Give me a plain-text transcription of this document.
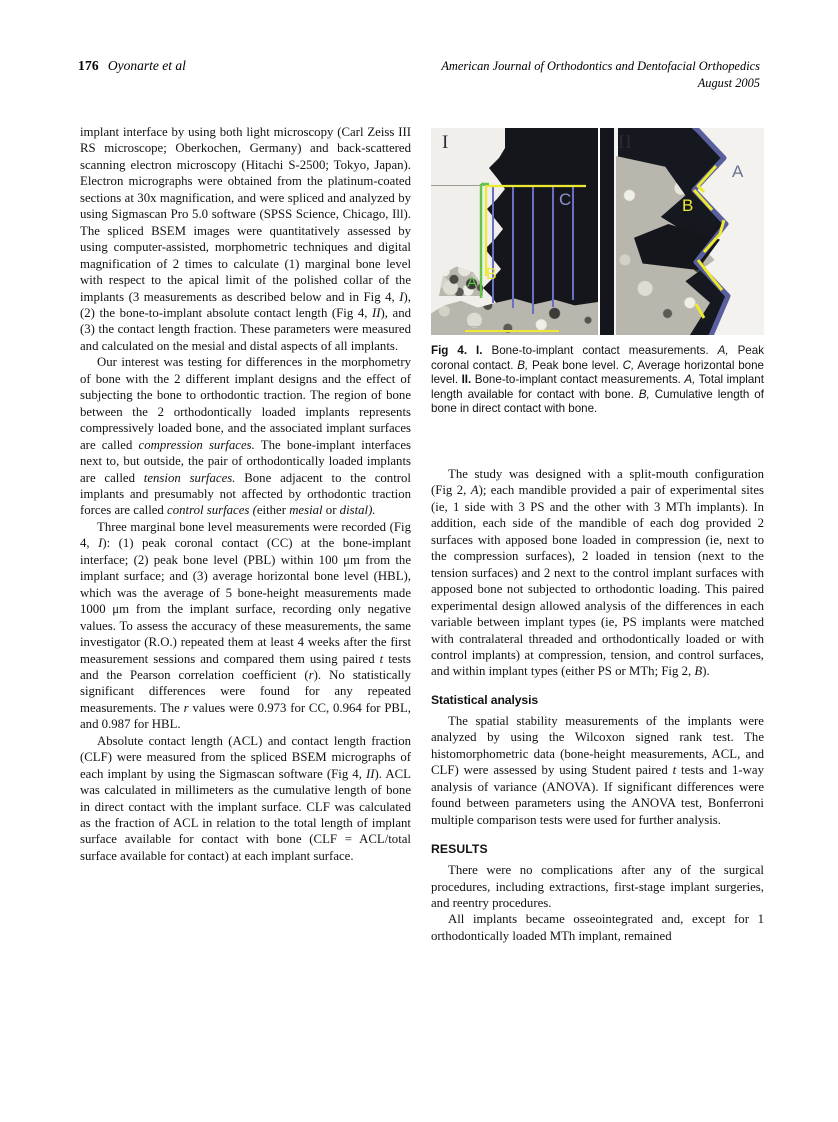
176 Oyonarte et al	American Journal of Orthodontics and Dentofacial Orthopedics
August 2005

implant interface by using both light microscopy (Carl Zeiss III RS microscope; Oberkochen, Germany) and back-scattered scanning electron microscopy (Hitachi S-2500; Tokyo, Japan). Electron micrographs were obtained from the platinum-coated sections at 30x magnification, and were spliced and analyzed by using Sigmascan Pro 5.0 software (SPSS Science, Chicago, Ill). The spliced BSEM images were quantitatively assessed by using computer-assisted, morphometric techniques and digital magnification of 2 times to calculate (1) marginal bone level with respect to the apical limit of the polished collar of the implants (3 measurements as described below and in Fig 4, I), (2) the bone-to-implant absolute contact length (Fig 4, II), and (3) the contact length fraction. These parameters were measured and calculated on the mesial and distal aspects of all implants.

Our interest was testing for differences in the morphometry of bone with the 2 different implant designs and the effect of subjecting the bone to orthodontic traction. The region of bone between the 2 orthodontically loaded implants represents compressively loaded bone, and the associated implant surfaces are called compression surfaces. The bone-implant interfaces next to, but outside, the pair of orthodontically loaded implants are called tension surfaces. Bone adjacent to the control implants and presumably not affected by orthodontic traction forces are called control surfaces (either mesial or distal).

Three marginal bone level measurements were recorded (Fig 4, I): (1) peak coronal contact (CC) at the bone-implant interface; (2) peak bone level (PBL) within 100 μm from the implant surface; and (3) average horizontal bone level (HBL), which was the average of 5 bone-height measurements made 1000 μm from the implant surface, recording only negative values. To assess the accuracy of these measurements, the same investigator (R.O.) repeated them at least 4 weeks after the first measurement sessions and compared them using paired t tests and the Pearson correlation coefficient (r). No statistically significant differences were found for any repeated measurements. The r values were 0.973 for CC, 0.964 for PBL, and 0.987 for HBL.

Absolute contact length (ACL) and contact length fraction (CLF) were measured from the spliced BSEM micrographs of each implant by using the Sigmascan software (Fig 4, II). ACL was calculated in millimeters as the cumulative length of bone in direct contact with the implant surface. CLF was calculated as the fraction of ACL in relation to the total length of implant surface available for contact with bone (CLF = ACL/total surface available for contact) at each implant surface.

I
A B
C
II
A
B
Fig 4. I. Bone-to-implant contact measurements. A, Peak coronal contact. B, Peak bone level. C, Average horizontal bone level. II. Bone-to-implant contact measurements. A, Total implant length available for contact with bone. B, Cumulative length of bone in direct contact with bone.

The study was designed with a split-mouth configuration (Fig 2, A); each mandible provided a pair of experimental sites (ie, 1 side with 3 PS and the other with 3 MTh implants). In addition, each side of the mandible of each dog provided 2 surfaces with apposed bone loaded in compression (ie, next to the compression surfaces), 2 loaded in tension (next to the tension surfaces) and 2 next to the control implant surfaces with apposed bone not subjected to orthodontic loading. This paired experimental design allowed analysis of the differences in each variable between implant types (ie, PS implants were matched with contralateral threaded and orthodontically loaded or with control implants) at compression, tension, and control surfaces, and within implant types (either PS or MTh; Fig 2, B).

Statistical analysis

The spatial stability measurements of the implants were analyzed by using the Wilcoxon signed rank test. The histomorphometric data (bone-height measurements, ACL, and CLF) were assessed by using Student paired t tests and 1-way analysis of variance (ANOVA). If significant differences were found between parameters using the ANOVA test, Bonferroni multiple comparison tests were used for further analysis.

RESULTS

There were no complications after any of the surgical procedures, including extractions, first-stage implant surgeries, and reentry procedures.

All implants became osseointegrated and, except for 1 orthodontically loaded MTh implant, remained
